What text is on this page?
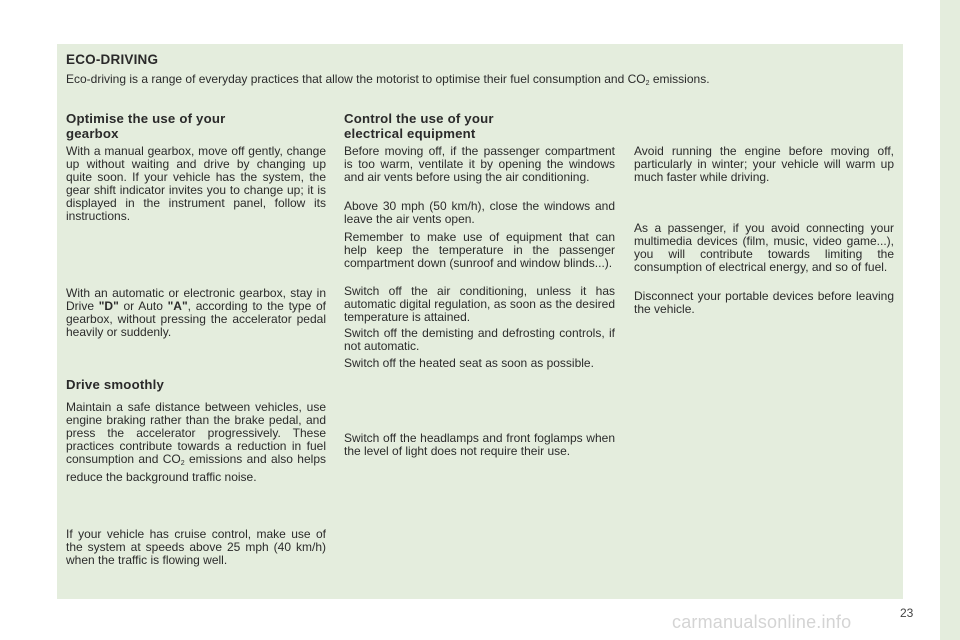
ECO-DRIVING
Eco-driving is a range of everyday practices that allow the motorist to optimise their fuel consumption and $CO_2$ emissions.
Optimise the use of your
gearbox
With a manual gearbox, move off gently, change up without waiting and drive by changing up quite soon. If your vehicle has the system, the gear shift indicator invites you to change up; it is displayed in the instrument panel, follow its instructions.
With an automatic or electronic gearbox, stay in Drive "D" or Auto "A", according to the type of gearbox, without pressing the accelerator pedal heavily or suddenly.
Drive smoothly
Maintain a safe distance between vehicles, use engine braking rather than the brake pedal, and press the accelerator progressively. These practices contribute towards a reduction in fuel consumption and $CO_2$ emissions and also helps reduce the background traffic noise.
If your vehicle has cruise control, make use of the system at speeds above 25 mph (40 km/h) when the traffic is flowing well.
Control the use of your
electrical equipment
Before moving off, if the passenger compartment is too warm, ventilate it by opening the windows and air vents before using the air conditioning.
Above 30 mph (50 km/h), close the windows and leave the air vents open.
Remember to make use of equipment that can help keep the temperature in the passenger compartment down (sunroof and window blinds...).
Switch off the air conditioning, unless it has automatic digital regulation, as soon as the desired temperature is attained.
Switch off the demisting and defrosting controls, if not automatic.
Switch off the heated seat as soon as possible.
Switch off the headlamps and front foglamps when the level of light does not require their use.
Avoid running the engine before moving off, particularly in winter; your vehicle will warm up much faster while driving.
As a passenger, if you avoid connecting your multimedia devices (film, music, video game...), you will contribute towards limiting the consumption of electrical energy, and so of fuel.
Disconnect your portable devices before leaving the vehicle.
23
carmanualsonline.info
